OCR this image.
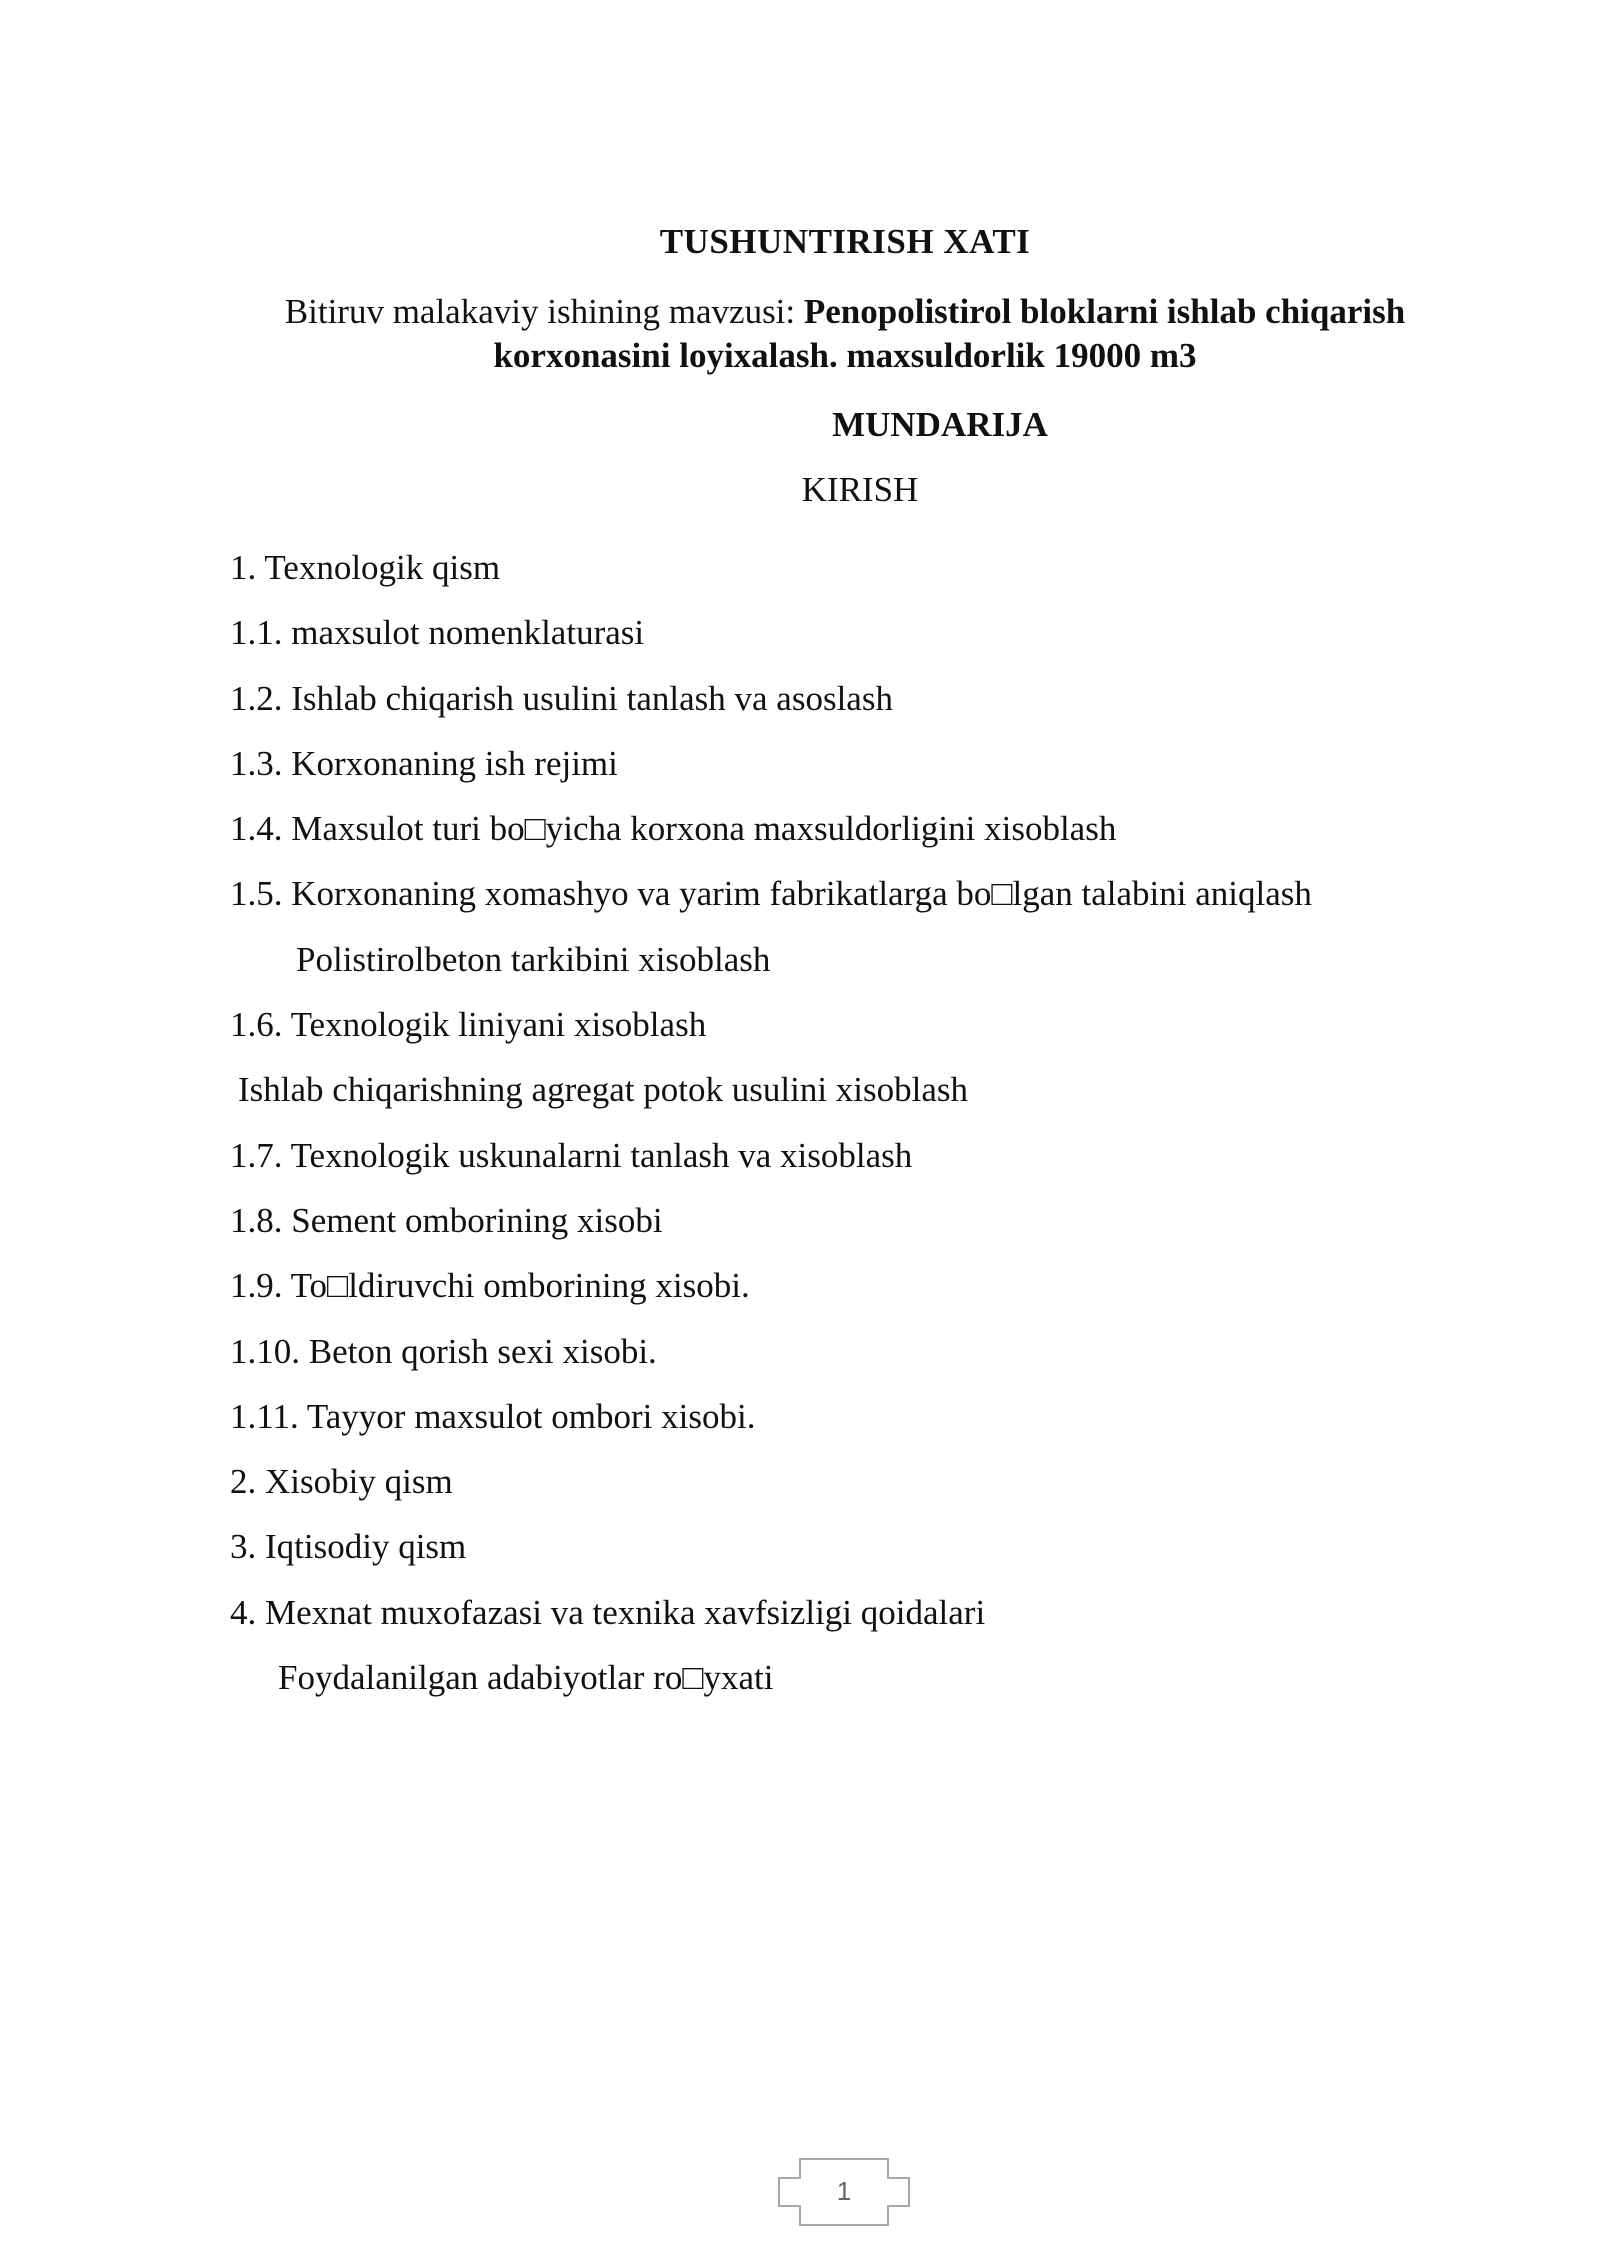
TUSHUNTIRISH XATI
Bitiruv malakaviy ishining mavzusi: Penopolistirol bloklarni ishlab chiqarish korxonasini loyixalash. maxsuldorlik 19000 m3
MUNDARIJA
KIRISH
1. Texnologik qism
1.1. maxsulot nomenklaturasi
1.2. Ishlab chiqarish usulini tanlash va asoslash
1.3. Korxonaning ish rejimi
1.4. Maxsulot turi bo□yicha korxona maxsuldorligini xisoblash
1.5. Korxonaning xomashyo va yarim fabrikatlarga bo□lgan talabini aniqlash
Polistirolbeton tarkibini xisoblash
1.6. Texnologik liniyani xisoblash
Ishlab chiqarishning agregat potok usulini xisoblash
1.7. Texnologik uskunalarni tanlash va xisoblash
1.8. Sement omborining xisobi
1.9. To□ldiruvchi omborining xisobi.
1.10. Beton qorish sexi xisobi.
1.11. Tayyor maxsulot ombori xisobi.
2. Xisobiy qism
3. Iqtisodiy qism
4. Mexnat muxofazasi va texnika xavfsizligi qoidalari
Foydalanilgan adabiyotlar ro□yxati
1
